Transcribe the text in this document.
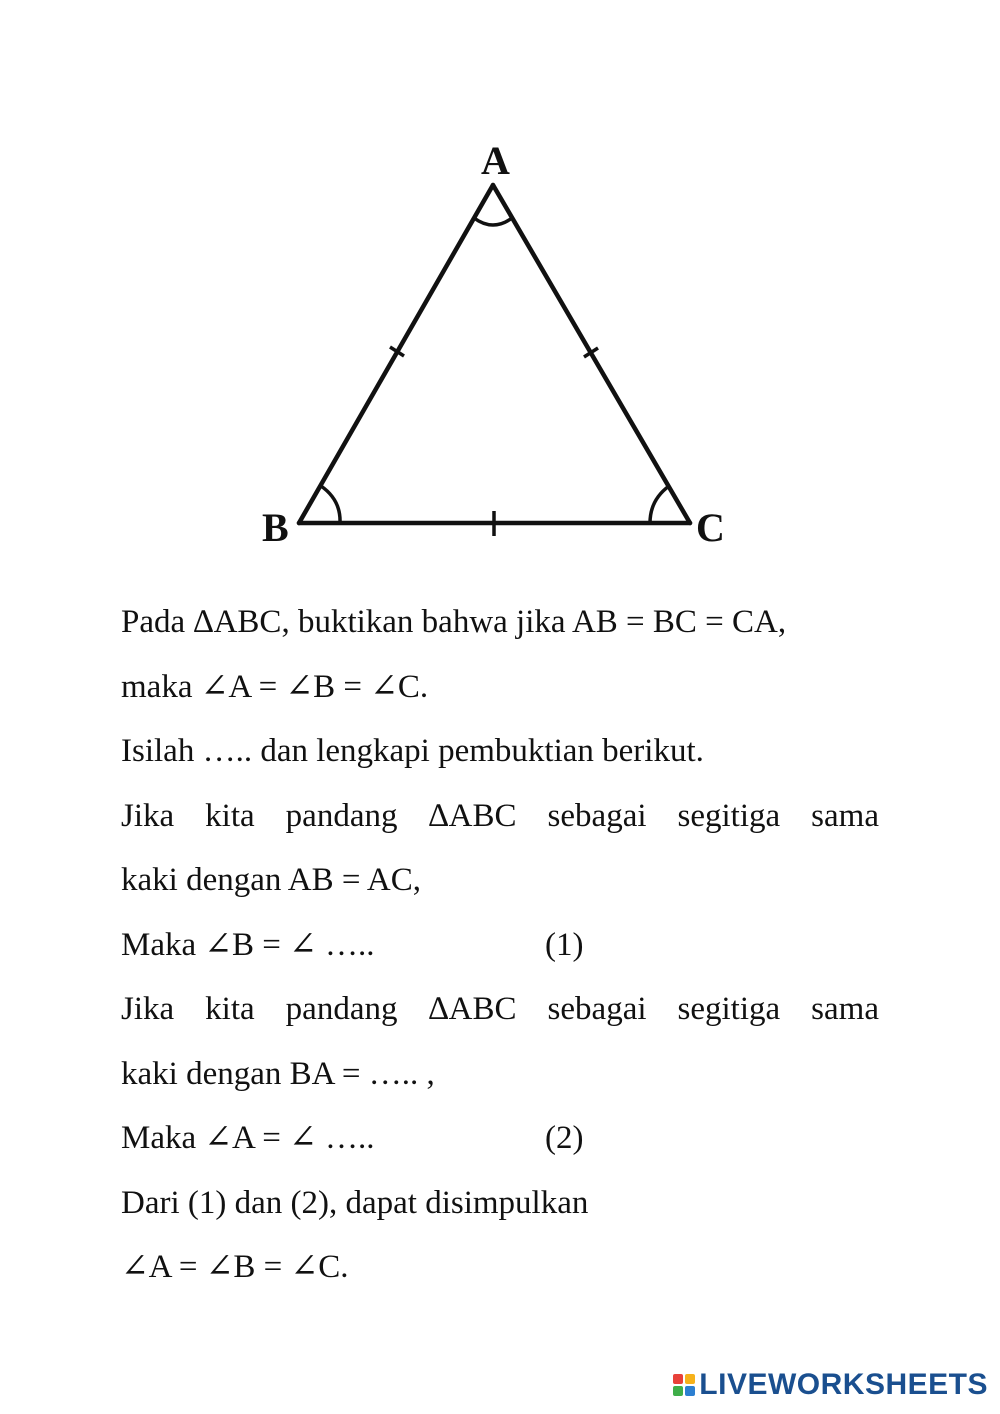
A
B	C
Pada ∆ABC, buktikan bahwa jika AB = BC = CA,
maka ∠A = ∠B = ∠C.
Isilah ….. dan lengkapi pembuktian berikut.
Jika kita pandang ∆ABC sebagai segitiga sama
kaki dengan AB = AC,
Maka ∠B = ∠ …..	(1)
Jika kita pandang ∆ABC sebagai segitiga sama
kaki dengan BA = ….. ,
Maka ∠A = ∠ …..	(2)
Dari (1) dan (2), dapat disimpulkan
∠A = ∠B = ∠C.
LIVEWORKSHEETS
